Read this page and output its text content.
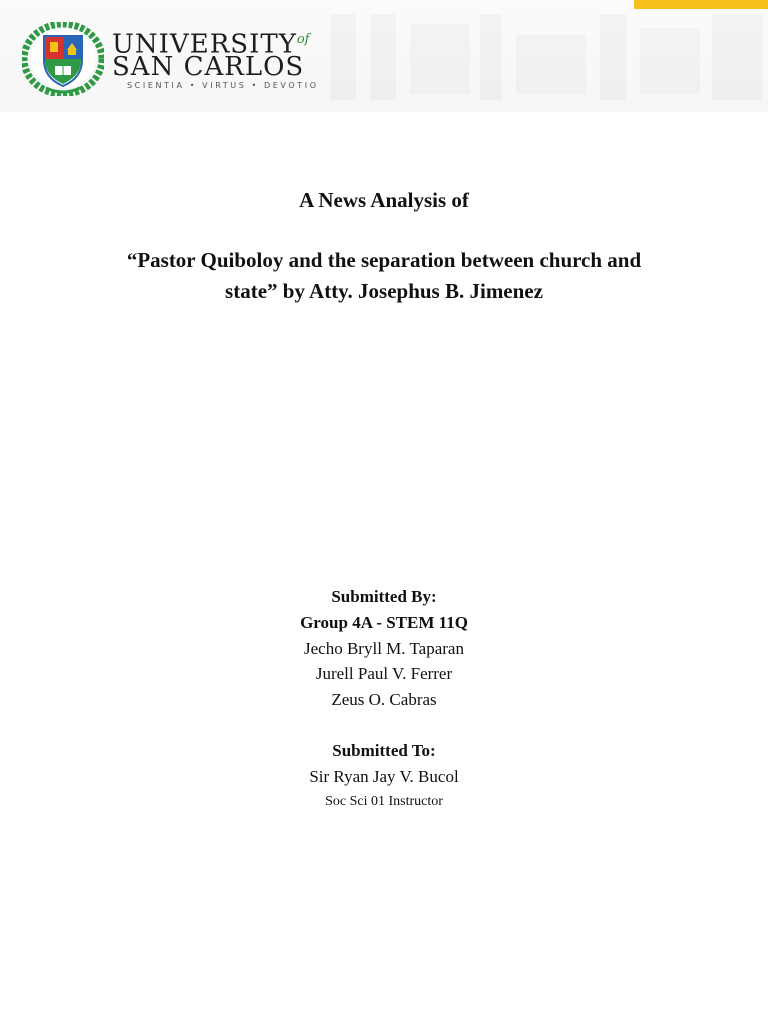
$UNIVERSITY^{of}$
SAN CARLOS
SCIENTIA • VIRTUS • DEVOTIO
A News Analysis of
“Pastor Quiboloy and the separation between church and
state” by Atty. Josephus B. Jimenez
Submitted By:
Group 4A - STEM 11Q
Jecho Bryll M. Taparan
Jurell Paul V. Ferrer
Zeus O. Cabras
Submitted To:
Sir Ryan Jay V. Bucol
Soc Sci 01 Instructor
